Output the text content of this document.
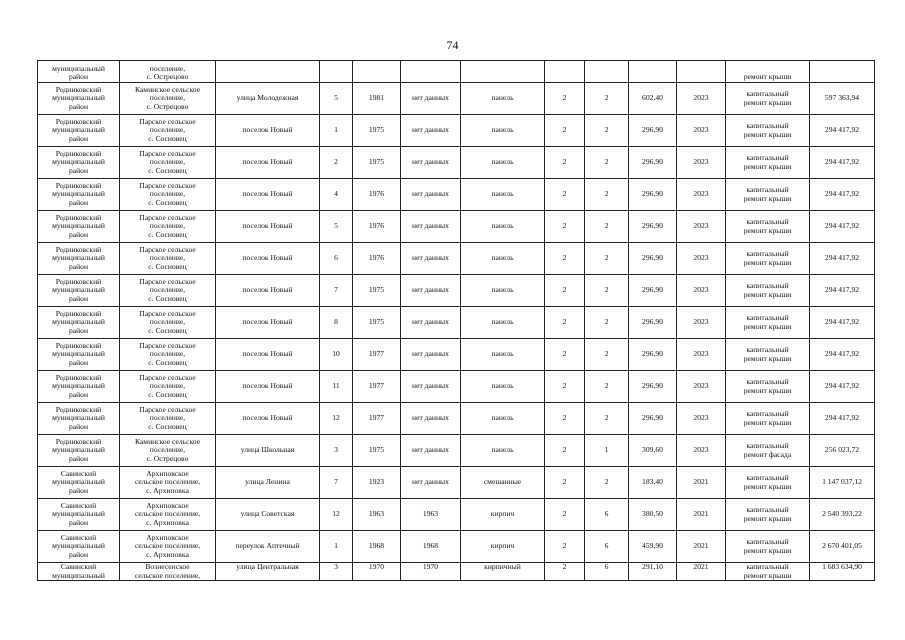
74
муниципальный
район	поселение,
с. Острецово										ремонт крыши	
Родниковский
муниципальный
район	Каминское сельское
поселение,
с. Острецово	улица Молодежная	5	1981	нет данных	панель	2	2	602,40	2023	капитальный
ремонт крыши	597 363,94
Родниковский
муниципальный
район	Парское сельское
поселение,
с. Сосновец	поселок Новый	1	1975	нет данных	панель	2	2	296,90	2023	капитальный
ремонт крыши	294 417,92
Родниковский
муниципальный
район	Парское сельское
поселение,
с. Сосновец	поселок Новый	2	1975	нет данных	панель	2	2	296,90	2023	капитальный
ремонт крыши	294 417,92
Родниковский
муниципальный
район	Парское сельское
поселение,
с. Сосновец	поселок Новый	4	1976	нет данных	панель	2	2	296,90	2023	капитальный
ремонт крыши	294 417,92
Родниковский
муниципальный
район	Парское сельское
поселение,
с. Сосновец	поселок Новый	5	1976	нет данных	панель	2	2	296,90	2023	капитальный
ремонт крыши	294 417,92
Родниковский
муниципальный
район	Парское сельское
поселение,
с. Сосновец	поселок Новый	6	1976	нет данных	панель	2	2	296,90	2023	капитальный
ремонт крыши	294 417,92
Родниковский
муниципальный
район	Парское сельское
поселение,
с. Сосновец	поселок Новый	7	1975	нет данных	панель	2	2	296,90	2023	капитальный
ремонт крыши	294 417,92
Родниковский
муниципальный
район	Парское сельское
поселение,
с. Сосновец	поселок Новый	8	1975	нет данных	панель	2	2	296,90	2023	капитальный
ремонт крыши	294 417,92
Родниковский
муниципальный
район	Парское сельское
поселение,
с. Сосновец	поселок Новый	10	1977	нет данных	панель	2	2	296,90	2023	капитальный
ремонт крыши	294 417,92
Родниковский
муниципальный
район	Парское сельское
поселение,
с. Сосновец	поселок Новый	11	1977	нет данных	панель	2	2	296,90	2023	капитальный
ремонт крыши	294 417,92
Родниковский
муниципальный
район	Парское сельское
поселение,
с. Сосновец	поселок Новый	12	1977	нет данных	панель	2	2	296,90	2023	капитальный
ремонт крыши	294 417,92
Родниковский
муниципальный
район	Каминское сельское
поселение,
с. Острецово	улица Школьная	3	1975	нет данных	панель	2	1	309,60	2023	капитальный
ремонт фасада	256 023,72
Савинский
муниципальный
район	Архиповское
сельское поселение,
с. Архиповка	улица Ленина	7	1923	нет данных	смешанные	2	2	183,40	2021	капитальный
ремонт крыши	1 147 037,12
Савинский
муниципальный
район	Архиповское
сельское поселение,
с. Архиповка	улица Советская	12	1963	1963	кирпич	2	6	380,50	2021	капитальный
ремонт крыши	2 540 393,22
Савинский
муниципальный
район	Архиповское
сельское поселение,
с. Архиповка	переулок Аптечный	1	1968	1968	кирпич	2	6	459,90	2021	капитальный
ремонт крыши	2 670 401,05
Савинский
муниципальный	Вознесенское
сельское поселение,	улица Центральная	3	1970	1970	кирпичный	2	6	291,10	2021	капитальный
ремонт крыши	1 683 634,90
